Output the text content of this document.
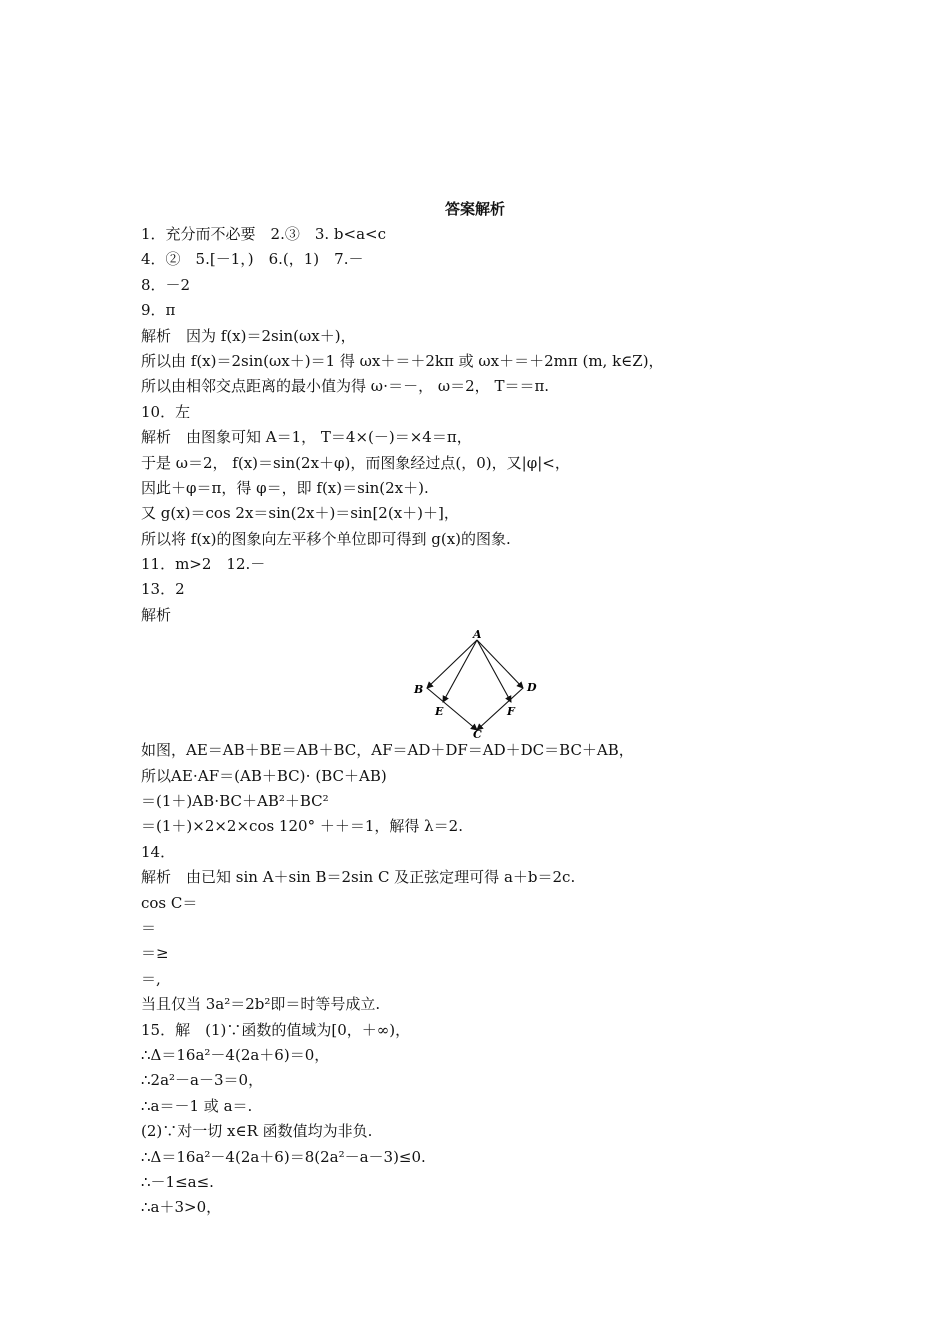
答案解析
1．充分而不必要　2.③　3. b<a<c
4．②　5.[－1，)　6.(，1)　7.－
8．－2
9．π
解析　因为 f(x)＝2sin(ωx＋)，
所以由 f(x)＝2sin(ωx＋)＝1 得 ωx＋＝＋2kπ 或 ωx＋＝＋2mπ (m, k∈Z)，
所以由相邻交点距离的最小值为得 ω⋅＝－， ω＝2， T＝＝π.
10．左
解析　由图象可知 A＝1， T＝4×(－)＝×4＝π，
于是 ω＝2， f(x)＝sin(2x＋φ)，而图象经过点(，0)，又|φ|<，
因此＋φ＝π，得 φ＝，即 f(x)＝sin(2x＋).
又 g(x)＝cos 2x＝sin(2x＋)＝sin[2(x＋)＋]，
所以将 f(x)的图象向左平移个单位即可得到 g(x)的图象.
11．m>2　12.－
13．2
解析
A
B	D
E	F
C
如图，AE＝AB＋BE＝AB＋BC，AF＝AD＋DF＝AD＋DC＝BC＋AB，
所以AE⋅AF＝(AB＋BC)⋅ (BC＋AB)
＝(1＋)AB⋅BC＋AB²＋BC²
＝(1＋)×2×2×cos 120° ＋＋＝1，解得 λ＝2.
14．
解析　由已知 sin A＋sin B＝2sin C 及正弦定理可得 a＋b＝2c.
cos C＝
＝
＝≥
＝,
当且仅当 3a²＝2b²即＝时等号成立.
15．解　(1)∵函数的值域为[0，＋∞)，
∴Δ＝16a²－4(2a＋6)＝0，
∴2a²－a－3＝0，
∴a＝－1 或 a＝.
(2)∵对一切 x∈R 函数值均为非负.
∴Δ＝16a²－4(2a＋6)＝8(2a²－a－3)≤0.
∴－1≤a≤.
∴a＋3>0，
